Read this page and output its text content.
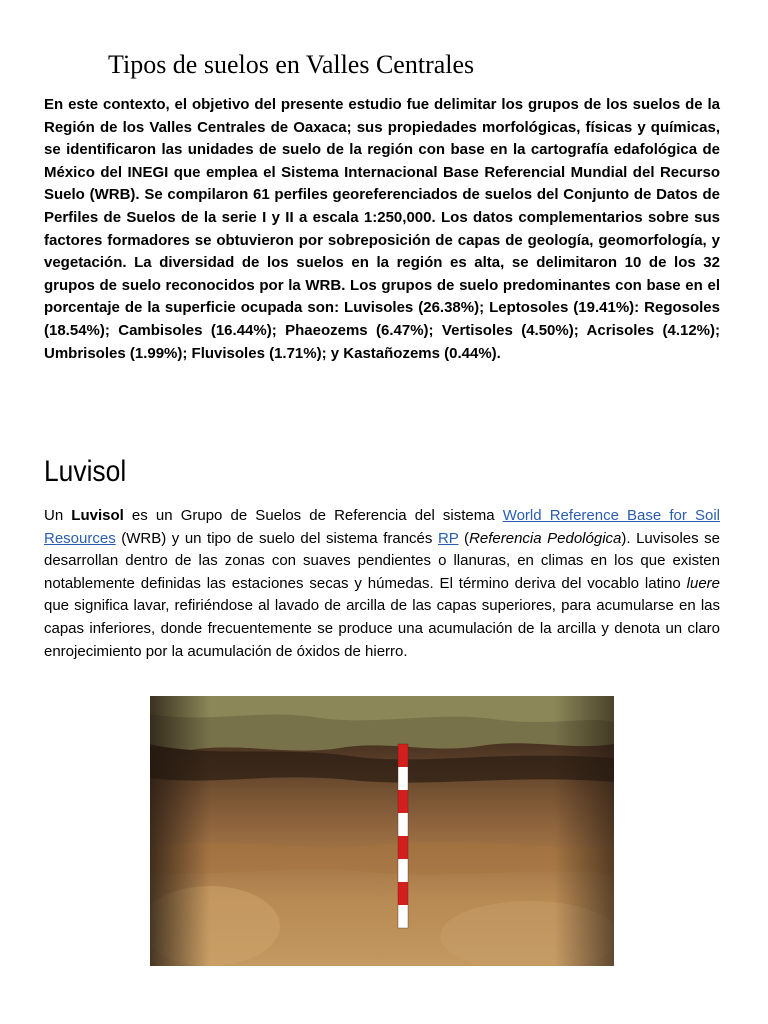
Tipos de suelos en Valles Centrales

En este contexto, el objetivo del presente estudio fue delimitar los grupos de los suelos de la Región de los Valles Centrales de Oaxaca; sus propiedades morfológicas, físicas y químicas, se identificaron las unidades de suelo de la región con base en la cartografía edafológica de México del INEGI que emplea el Sistema Internacional Base Referencial Mundial del Recurso Suelo (WRB). Se compilaron 61 perfiles georeferenciados de suelos del Conjunto de Datos de Perfiles de Suelos de la serie I y II a escala 1:250,000. Los datos complementarios sobre sus factores formadores se obtuvieron por sobreposición de capas de geología, geomorfología, y vegetación. La diversidad de los suelos en la región es alta, se delimitaron 10 de los 32 grupos de suelo reconocidos por la WRB. Los grupos de suelo predominantes con base en el porcentaje de la superficie ocupada son: Luvisoles (26.38%); Leptosoles (19.41%): Regosoles (18.54%); Cambisoles (16.44%); Phaeozems (6.47%); Vertisoles (4.50%); Acrisoles (4.12%); Umbrisoles (1.99%); Fluvisoles (1.71%); y Kastañozems (0.44%).

Luvisol

Un Luvisol es un Grupo de Suelos de Referencia del sistema World Reference Base for Soil Resources (WRB) y un tipo de suelo del sistema francés RP (Referencia Pedológica). Luvisoles se desarrollan dentro de las zonas con suaves pendientes o llanuras, en climas en los que existen notablemente definidas las estaciones secas y húmedas. El término deriva del vocablo latino luere que significa lavar, refiriéndose al lavado de arcilla de las capas superiores, para acumularse en las capas inferiores, donde frecuentemente se produce una acumulación de la arcilla y denota un claro enrojecimiento por la acumulación de óxidos de hierro.
